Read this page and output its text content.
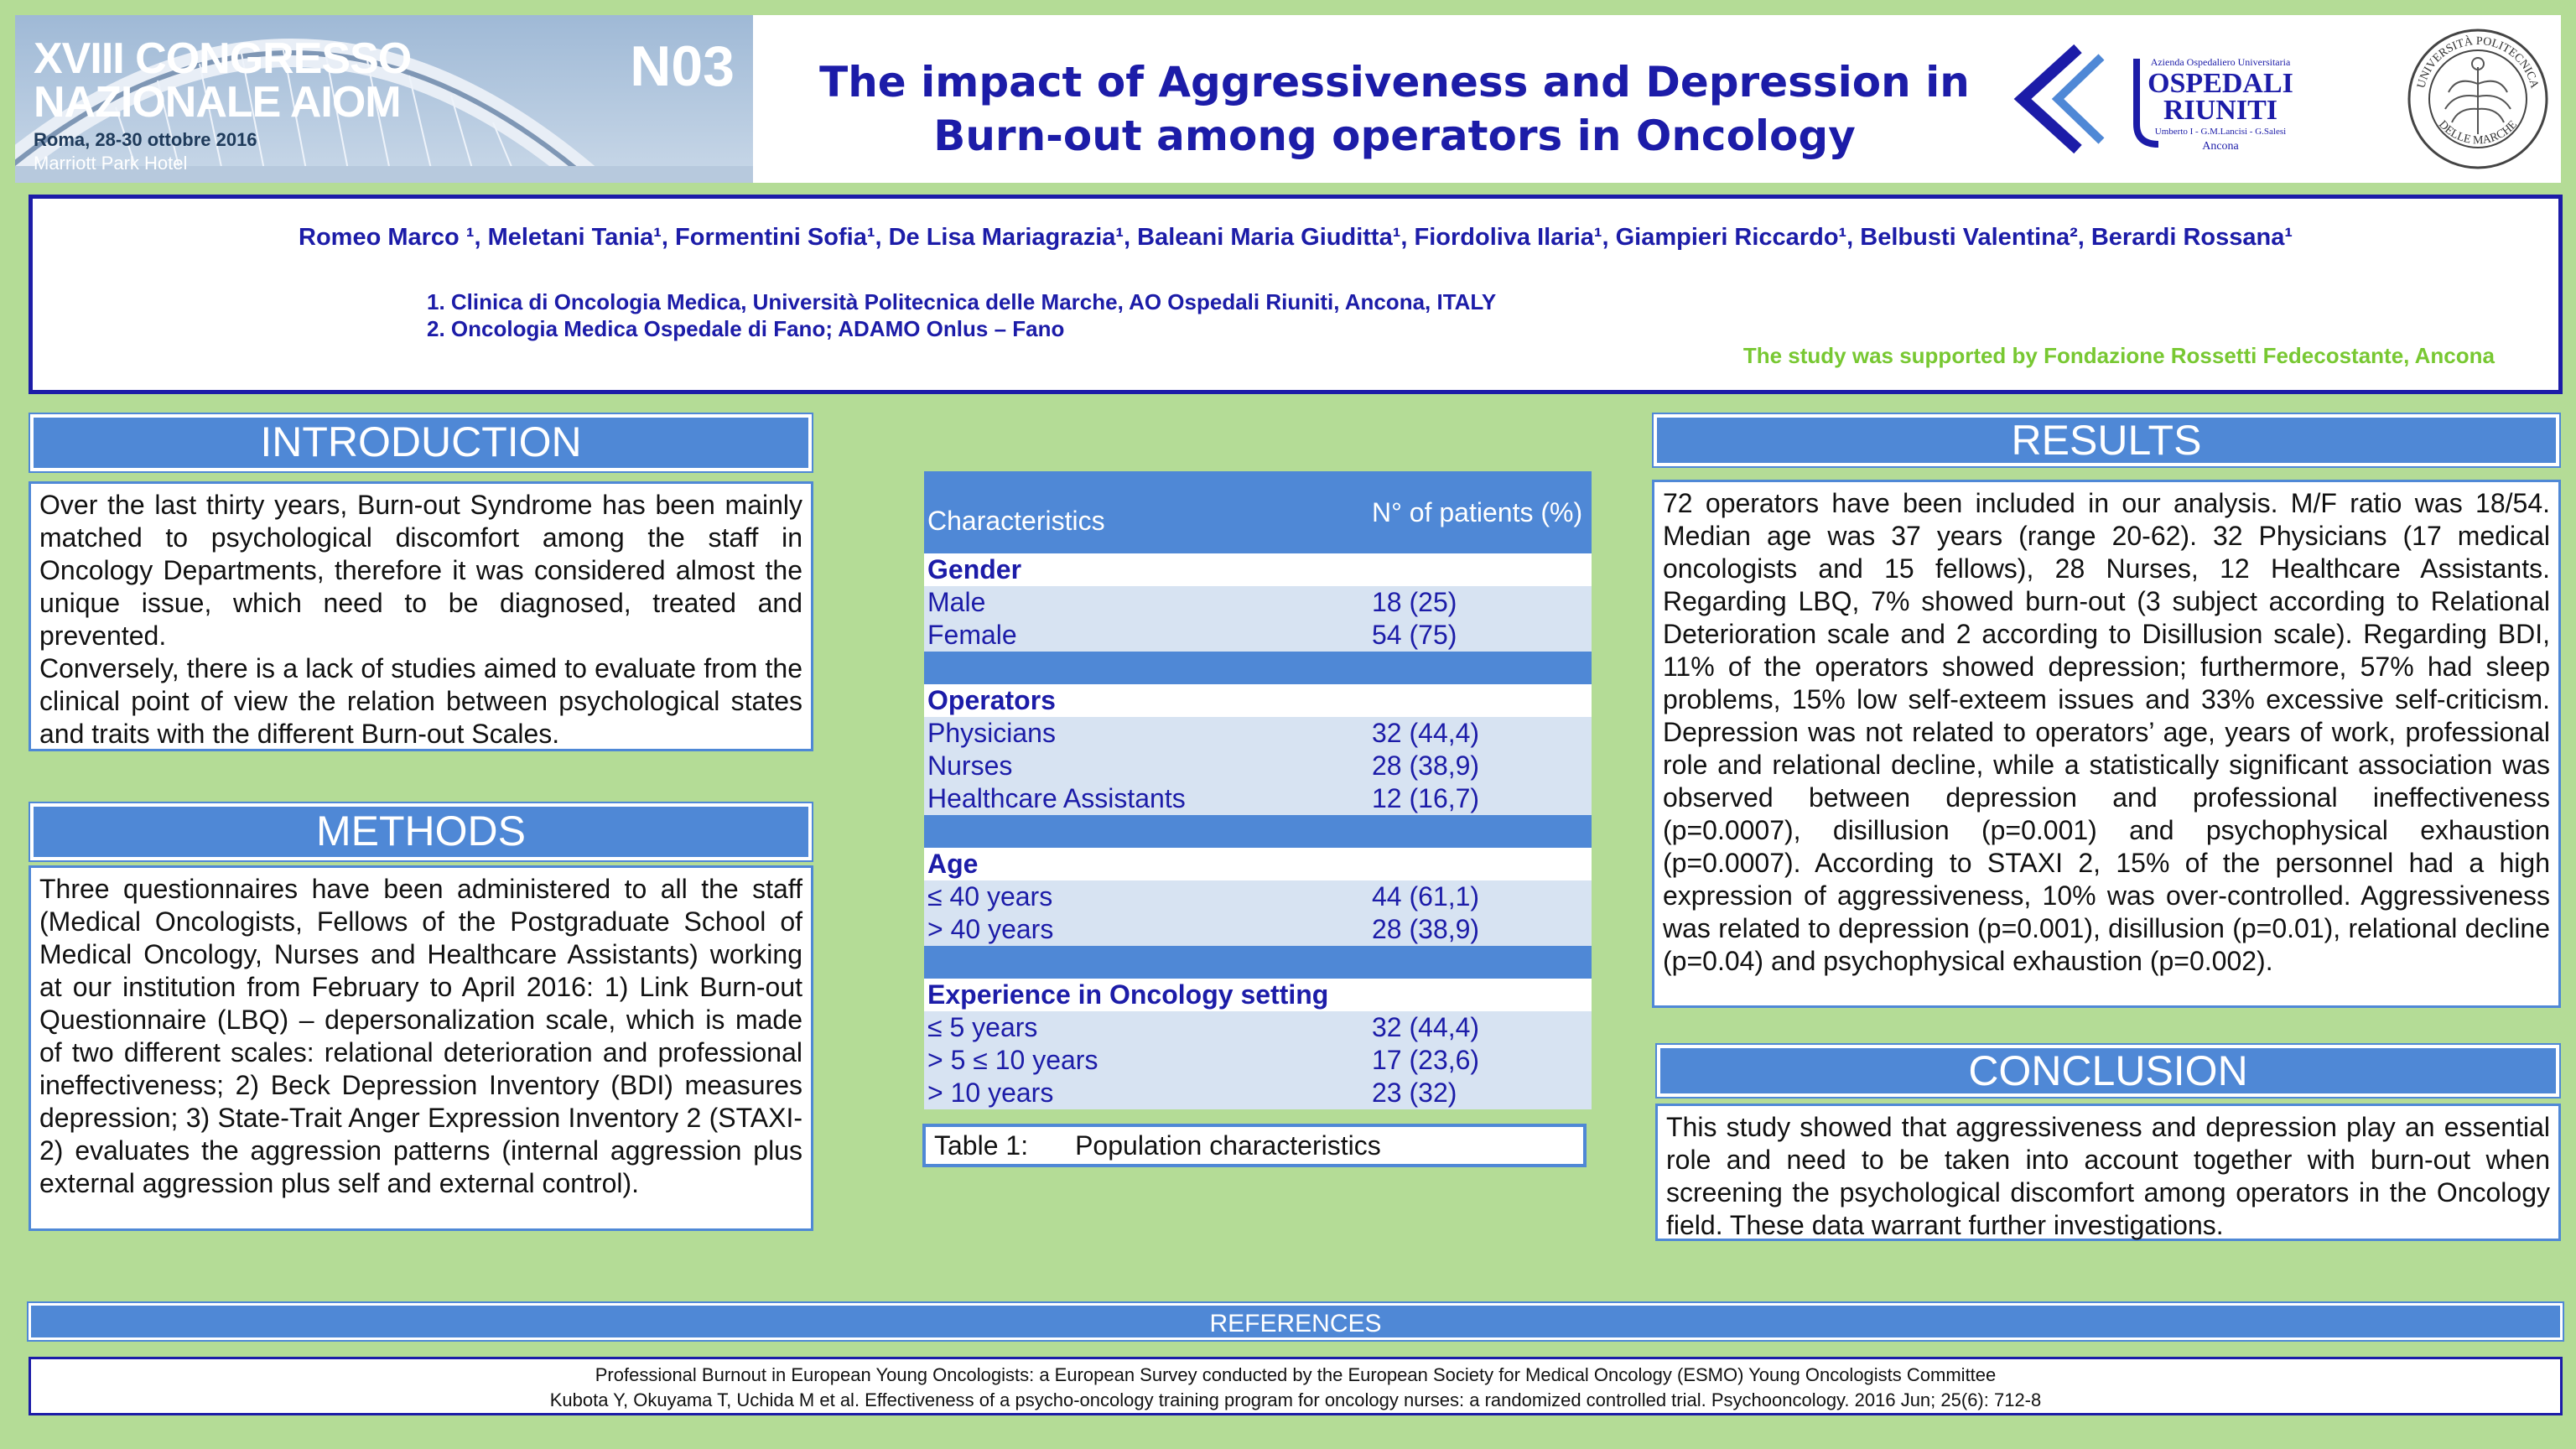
XVIII CONGRESSO
NAZIONALE AIOM
Roma, 28-30 ottobre 2016
Marriott Park Hotel
N03	The impact of Aggressiveness and Depression in Burn-out among operators in Oncology
Azienda Ospedaliero Universitaria
OSPEDALI
RIUNITI
Umberto I - G.M.Lancisi - G.Salesi
Ancona
UNIVERSITÀ POLITECNICA
DELLE MARCHE
Romeo Marco ¹, Meletani Tania¹, Formentini Sofia¹, De Lisa Mariagrazia¹, Baleani Maria Giuditta¹, Fiordoliva Ilaria¹, Giampieri Riccardo¹, Belbusti Valentina², Berardi Rossana¹
1. Clinica di Oncologia Medica, Università Politecnica delle Marche, AO Ospedali Riuniti, Ancona, ITALY
2. Oncologia Medica Ospedale di Fano; ADAMO Onlus – Fano
The study was supported by Fondazione Rossetti Fedecostante, Ancona
INTRODUCTION
Over the last thirty years, Burn-out Syndrome has been mainly matched to psychological discomfort among the staff in Oncology Departments, therefore it was considered almost the unique issue, which need to be diagnosed, treated and prevented.
Conversely, there is a lack of studies aimed to evaluate from the clinical point of view the relation between psychological states and traits with the different Burn-out Scales.
METHODS
Three questionnaires have been administered to all the staff (Medical Oncologists, Fellows of the Postgraduate School of Medical Oncology, Nurses and Healthcare Assistants) working at our institution from February to April 2016: 1) Link Burn-out Questionnaire (LBQ) – depersonalization scale, which is made of two different scales: relational deterioration and professional ineffectiveness; 2) Beck Depression Inventory (BDI) measures depression; 3) State-Trait Anger Expression Inventory 2 (STAXI-2) evaluates the aggression patterns (internal aggression plus external aggression plus self and external control).
Characteristics	N° of patients (%)
Gender	
Male	18 (25)
Female	54 (75)

Operators	
Physicians	32 (44,4)
Nurses	28 (38,9)
Healthcare Assistants	12 (16,7)

Age	
≤ 40 years	44 (61,1)
> 40 years	28 (38,9)

Experience in Oncology setting	
≤ 5 years	32 (44,4)
> 5 ≤ 10 years	17 (23,6)
> 10 years	23 (32)
Table 1: Population characteristics
RESULTS
72 operators have been included in our analysis. M/F ratio was 18/54. Median age was 37 years (range 20-62). 32 Physicians (17 medical oncologists and 15 fellows), 28 Nurses, 12 Healthcare Assistants. Regarding LBQ, 7% showed burn-out (3 subject according to Relational Deterioration scale and 2 according to Disillusion scale). Regarding BDI, 11% of the operators showed depression; furthermore, 57% had sleep problems, 15% low self-exteem issues and 33% excessive self-criticism. Depression was not related to operators’ age, years of work, professional role and relational decline, while a statistically significant association was observed between depression and professional ineffectiveness (p=0.0007), disillusion (p=0.001) and psychophysical exhaustion (p=0.0007). According to STAXI 2, 15% of the personnel had a high expression of aggressiveness, 10% was over-controlled. Aggressiveness was related to depression (p=0.001), disillusion (p=0.01), relational decline (p=0.04) and psychophysical exhaustion (p=0.002).
CONCLUSION
This study showed that aggressiveness and depression play an essential role and need to be taken into account together with burn-out when screening the psychological discomfort among operators in the Oncology field. These data warrant further investigations.
REFERENCES
Professional Burnout in European Young Oncologists: a European Survey conducted by the European Society for Medical Oncology (ESMO) Young Oncologists Committee
Kubota Y, Okuyama T, Uchida M et al. Effectiveness of a psycho-oncology training program for oncology nurses: a randomized controlled trial. Psychooncology. 2016 Jun; 25(6): 712-8
